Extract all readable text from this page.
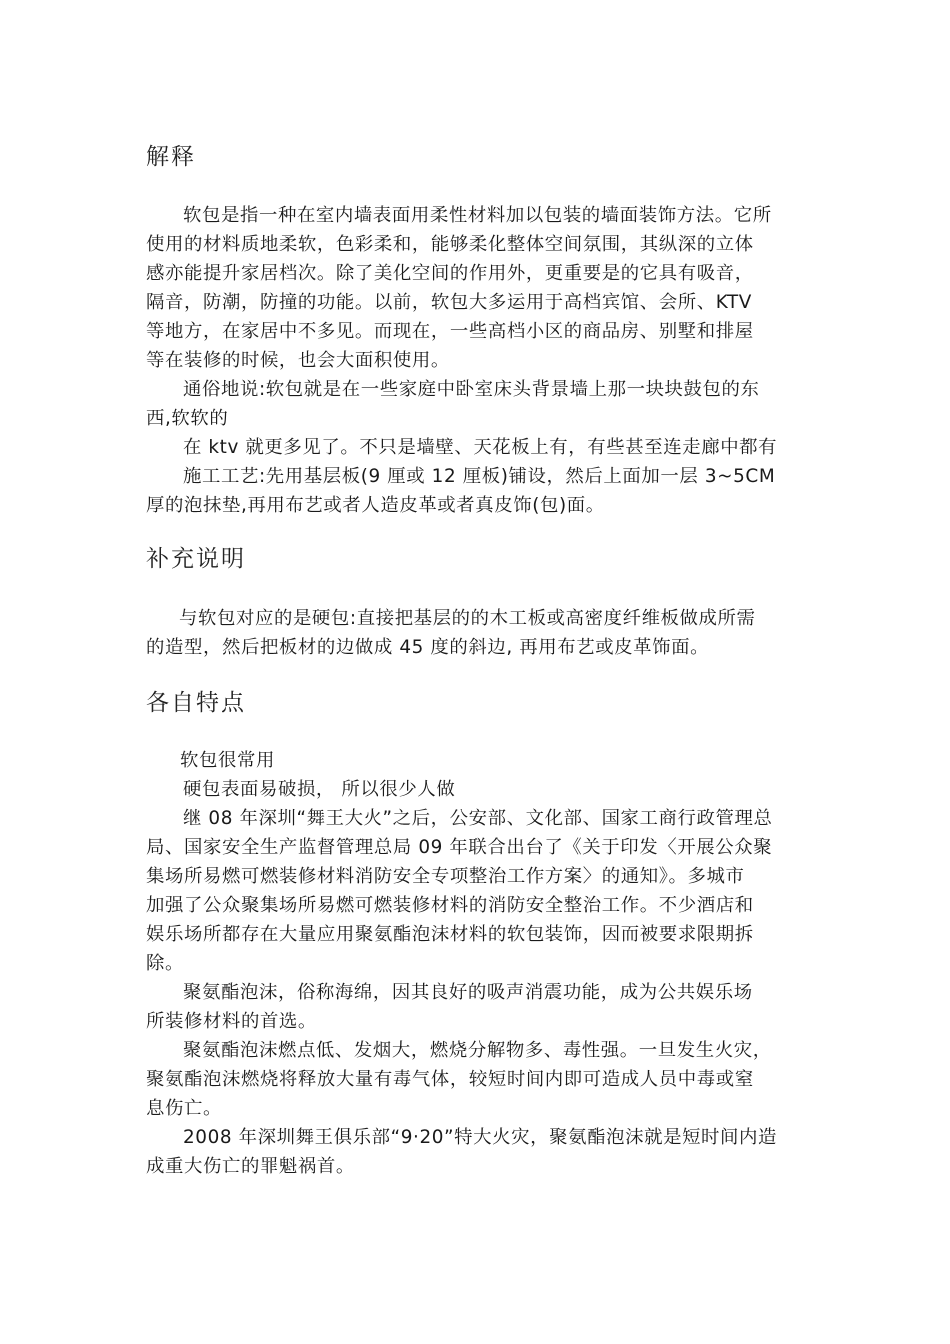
解释
软包是指一种在室内墙表面用柔性材料加以包装的墙面装饰方法。它所
使用的材料质地柔软，色彩柔和，能够柔化整体空间氛围，其纵深的立体
感亦能提升家居档次。除了美化空间的作用外，更重要是的它具有吸音，
隔音，防潮，防撞的功能。以前，软包大多运用于高档宾馆、会所、KTV
等地方，在家居中不多见。而现在，一些高档小区的商品房、别墅和排屋
等在装修的时候，也会大面积使用。
通俗地说:软包就是在一些家庭中卧室床头背景墙上那一块块鼓包的东
西,软软的
在 ktv 就更多见了。不只是墙壁、天花板上有，有些甚至连走廊中都有
施工工艺:先用基层板(9 厘或 12 厘板)铺设，然后上面加一层 3~5CM
厚的泡抹垫,再用布艺或者人造皮革或者真皮饰(包)面。
补充说明
与软包对应的是硬包:直接把基层的的木工板或高密度纤维板做成所需
的造型，然后把板材的边做成 45 度的斜边, 再用布艺或皮革饰面。
各自特点
软包很常用
硬包表面易破损， 所以很少人做
继 08 年深圳“舞王大火”之后，公安部、文化部、国家工商行政管理总
局、国家安全生产监督管理总局 09 年联合出台了《关于印发〈开展公众聚
集场所易燃可燃装修材料消防安全专项整治工作方案〉的通知》。多城市
加强了公众聚集场所易燃可燃装修材料的消防安全整治工作。不少酒店和
娱乐场所都存在大量应用聚氨酯泡沫材料的软包装饰，因而被要求限期拆
除。
聚氨酯泡沫，俗称海绵，因其良好的吸声消震功能，成为公共娱乐场
所装修材料的首选。
聚氨酯泡沫燃点低、发烟大，燃烧分解物多、毒性强。一旦发生火灾，
聚氨酯泡沫燃烧将释放大量有毒气体，较短时间内即可造成人员中毒或窒
息伤亡。
2008 年深圳舞王俱乐部“9·20”特大火灾，聚氨酯泡沫就是短时间内造
成重大伤亡的罪魁祸首。
